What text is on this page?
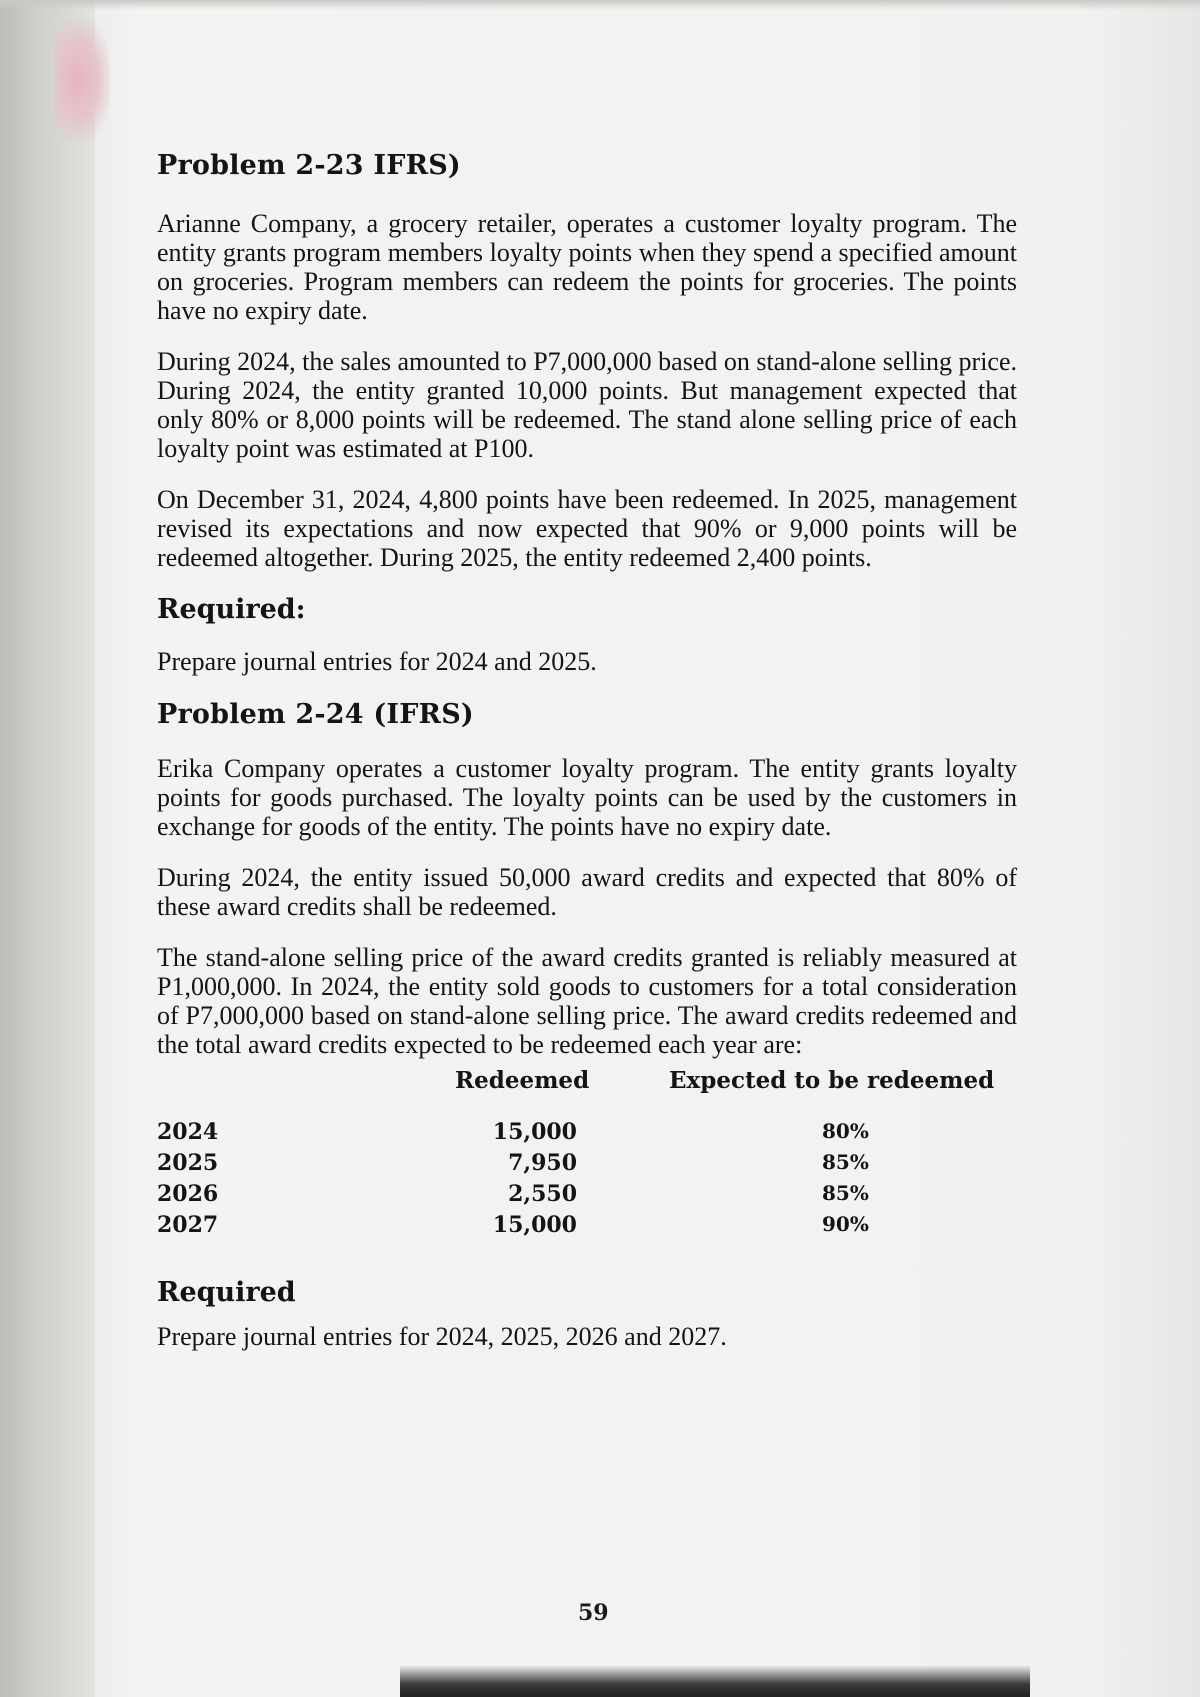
Problem 2-23 IFRS)

Arianne Company, a grocery retailer, operates a customer loyalty program. The entity grants program members loyalty points when they spend a specified amount on groceries. Program members can redeem the points for groceries. The points have no expiry date.

During 2024, the sales amounted to P7,000,000 based on stand-alone selling price. During 2024, the entity granted 10,000 points. But management expected that only 80% or 8,000 points will be redeemed. The stand alone selling price of each loyalty point was estimated at P100.

On December 31, 2024, 4,800 points have been redeemed. In 2025, management revised its expectations and now expected that 90% or 9,000 points will be redeemed altogether. During 2025, the entity redeemed 2,400 points.

Required:

Prepare journal entries for 2024 and 2025.

Problem 2-24 (IFRS)

Erika Company operates a customer loyalty program. The entity grants loyalty points for goods purchased. The loyalty points can be used by the customers in exchange for goods of the entity. The points have no expiry date.

During 2024, the entity issued 50,000 award credits and expected that 80% of these award credits shall be redeemed.

The stand-alone selling price of the award credits granted is reliably measured at P1,000,000. In 2024, the entity sold goods to customers for a total consideration of P7,000,000 based on stand-alone selling price. The award credits redeemed and the total award credits expected to be redeemed each year are:

Redeemed	Expected to be redeemed
2024	15,000	80%
2025	7,950	85%
2026	2,550	85%
2027	15,000	90%
Required

Prepare journal entries for 2024, 2025, 2026 and 2027.

59
